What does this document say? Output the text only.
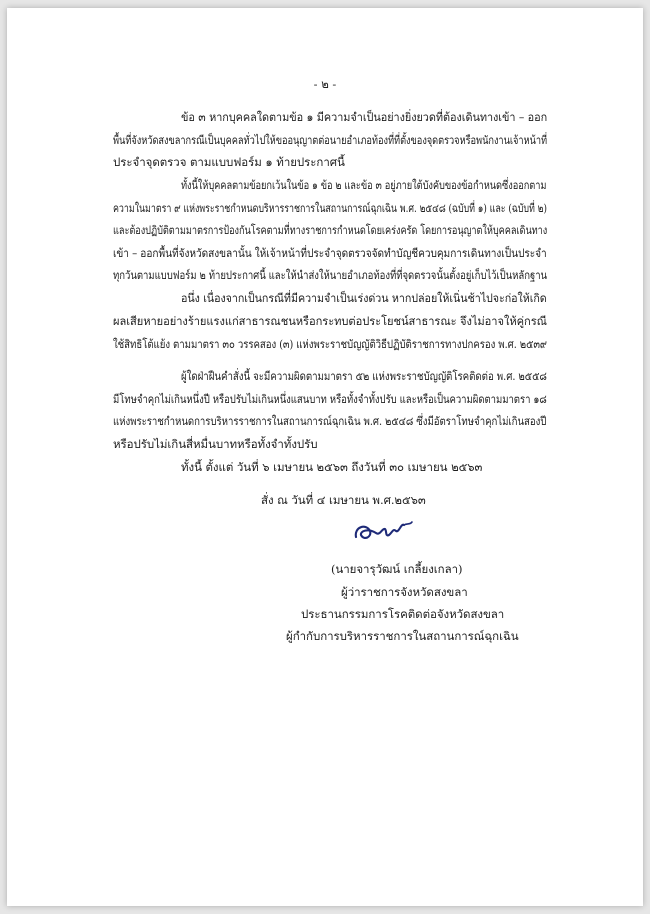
- ๒ -
ข้อ ๓ หากบุคคลใดตามข้อ ๑ มีความจำเป็นอย่างยิ่งยวดที่ต้องเดินทางเข้า – ออก
พื้นที่จังหวัดสงขลากรณีเป็นบุคคลทั่วไปให้ขออนุญาตต่อนายอำเภอท้องที่ที่ตั้งของจุดตรวจหรือพนักงานเจ้าหน้าที่
ประจำจุดตรวจ ตามแบบฟอร์ม ๑ ท้ายประกาศนี้
ทั้งนี้ให้บุคคลตามข้อยกเว้นในข้อ ๑ ข้อ ๒ และข้อ ๓ อยู่ภายใต้บังคับของข้อกำหนดซึ่งออกตาม
ความในมาตรา ๙ แห่งพระราชกำหนดบริหารราชการในสถานการณ์ฉุกเฉิน พ.ศ. ๒๕๔๘ (ฉบับที่ ๑) และ (ฉบับที่ ๒)
และต้องปฏิบัติตามมาตรการป้องกันโรคตามที่ทางราชการกำหนดโดยเคร่งครัด โดยการอนุญาตให้บุคคลเดินทาง
เข้า – ออกพื้นที่จังหวัดสงขลานั้น ให้เจ้าหน้าที่ประจำจุดตรวจจัดทำบัญชีควบคุมการเดินทางเป็นประจำ
ทุกวันตามแบบฟอร์ม ๒ ท้ายประกาศนี้ และให้นำส่งให้นายอำเภอท้องที่ที่จุดตรวจนั้นตั้งอยู่เก็บไว้เป็นหลักฐาน
อนึ่ง เนื่องจากเป็นกรณีที่มีความจำเป็นเร่งด่วน หากปล่อยให้เนิ่นช้าไปจะก่อให้เกิด
ผลเสียหายอย่างร้ายแรงแก่สาธารณชนหรือกระทบต่อประโยชน์สาธารณะ จึงไม่อาจให้คู่กรณี
ใช้สิทธิโต้แย้ง ตามมาตรา ๓๐ วรรคสอง (๓) แห่งพระราชบัญญัติวิธีปฏิบัติราชการทางปกครอง พ.ศ. ๒๕๓๙
ผู้ใดฝ่าฝืนคำสั่งนี้ จะมีความผิดตามมาตรา ๕๒ แห่งพระราชบัญญัติโรคติดต่อ พ.ศ. ๒๕๕๘
มีโทษจำคุกไม่เกินหนึ่งปี หรือปรับไม่เกินหนึ่งแสนบาท หรือทั้งจำทั้งปรับ และหรือเป็นความผิดตามมาตรา ๑๘
แห่งพระราชกำหนดการบริหารราชการในสถานการณ์ฉุกเฉิน พ.ศ. ๒๕๔๘ ซึ่งมีอัตราโทษจำคุกไม่เกินสองปี
หรือปรับไม่เกินสี่หมื่นบาทหรือทั้งจำทั้งปรับ
ทั้งนี้ ตั้งแต่ วันที่ ๖ เมษายน ๒๕๖๓ ถึงวันที่ ๓๐ เมษายน ๒๕๖๓
สั่ง ณ วันที่ ๔ เมษายน พ.ศ.๒๕๖๓
(นายจารุวัฒน์ เกลี้ยงเกลา)
ผู้ว่าราชการจังหวัดสงขลา
ประธานกรรมการโรคติดต่อจังหวัดสงขลา
ผู้กำกับการบริหารราชการในสถานการณ์ฉุกเฉิน
